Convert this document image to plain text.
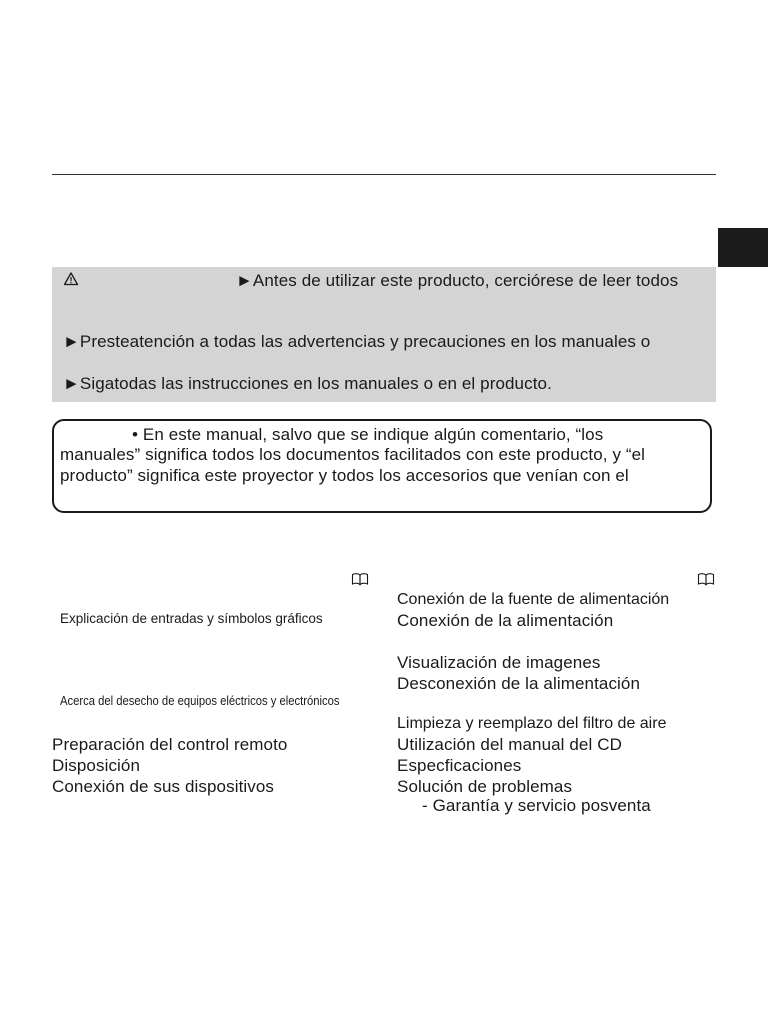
►Antes de utilizar este producto, cerciórese de leer todos
►Presteatención a todas las advertencias y precauciones en los manuales o
►Sigatodas las instrucciones en los manuales o en el producto.
• En este manual, salvo que se indique algún comentario, “los
manuales” significa todos los documentos facilitados con este producto, y “el
producto” significa este proyector y todos los accesorios que venían con el
Explicación de entradas y símbolos gráficos
Acerca del desecho de equipos eléctricos y electrónicos
Preparación del control remoto
Disposición
Conexión de sus dispositivos
Conexión de la fuente de alimentación
Conexión de la alimentación
Visualización de imagenes
Desconexión de la alimentación
Limpieza y reemplazo del filtro de aire
Utilización del manual del CD
Especficaciones
Solución de problemas
- Garantía y servicio posventa
